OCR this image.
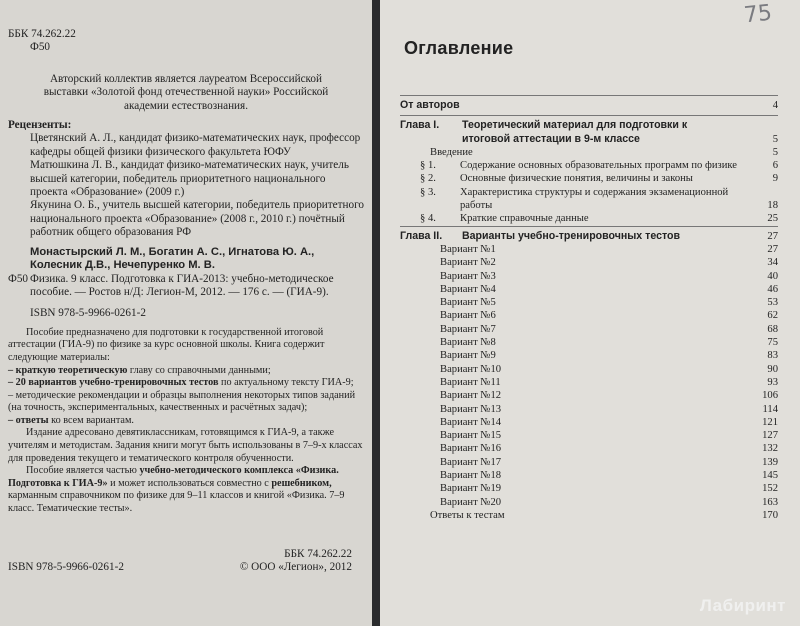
ББК 74.262.22

Ф50

Авторский коллектив является лауреатом Всероссийской выставки «Золотой фонд отечественной науки» Российской академии естествознания.

Рецензенты:

Цветянский А. Л., кандидат физико-математических наук, профессор кафедры общей физики физического факультета ЮФУ

Матюшкина Л. В., кандидат физико-математических наук, учитель высшей категории, победитель приоритетного национального проекта «Образование» (2009 г.)

Якунина О. Б., учитель высшей категории, победитель приоритетного национального проекта «Образование» (2008 г., 2010 г.) почётный работник общего образования РФ

Монастырский Л. М., Богатин А. С., Игнатова Ю. А., Колесник Д.В., Нечепуренко М. В.

Ф50 Физика. 9 класс. Подготовка к ГИА-2013: учебно-методическое пособие. — Ростов н/Д: Легион-М, 2012. — 176 с. — (ГИА-9).

ISBN 978-5-9966-0261-2

Пособие предназначено для подготовки к государственной итоговой аттестации (ГИА-9) по физике за курс основной школы. Книга содержит следующие материалы:

– краткую теоретическую главу со справочными данными;

– 20 вариантов учебно-тренировочных тестов по актуальному тексту ГИА-9;

– методические рекомендации и образцы выполнения некоторых типов заданий (на точность, экспериментальных, качественных и расчётных задач);

– ответы ко всем вариантам.

Издание адресовано девятиклассникам, готовящимся к ГИА-9, а также учителям и методистам. Задания книги могут быть использованы в 7–9-х классах для проведения текущего и тематического контроля обученности.

Пособие является частью учебно-методического комплекса «Физика. Подготовка к ГИА-9» и может использоваться совместно с решебником, карманным справочником по физике для 9–11 классов и книгой «Физика. 7–9 класс. Тематические тесты».

ББК 74.262.22
ISBN 978-5-9966-0261-2	© ООО «Легион», 2012
75
Оглавление
От авторов	4
Глава I.	Теоретический материал для подготовки к итоговой аттестации в 9-м классе	5
Введение	5
§ 1.	Содержание основных образовательных программ по физике	6
§ 2.	Основные физические понятия, величины и законы	9
§ 3.	Характеристика структуры и содержания экзаменационной работы	18
§ 4.	Краткие справочные данные	25
Глава II.	Варианты учебно-тренировочных тестов	27
Вариант №1	27
Вариант №2	34
Вариант №3	40
Вариант №4	46
Вариант №5	53
Вариант №6	62
Вариант №7	68
Вариант №8	75
Вариант №9	83
Вариант №10	90
Вариант №11	93
Вариант №12	106
Вариант №13	114
Вариант №14	121
Вариант №15	127
Вариант №16	132
Вариант №17	139
Вариант №18	145
Вариант №19	152
Вариант №20	163
Ответы к тестам	170
Лабиринт
